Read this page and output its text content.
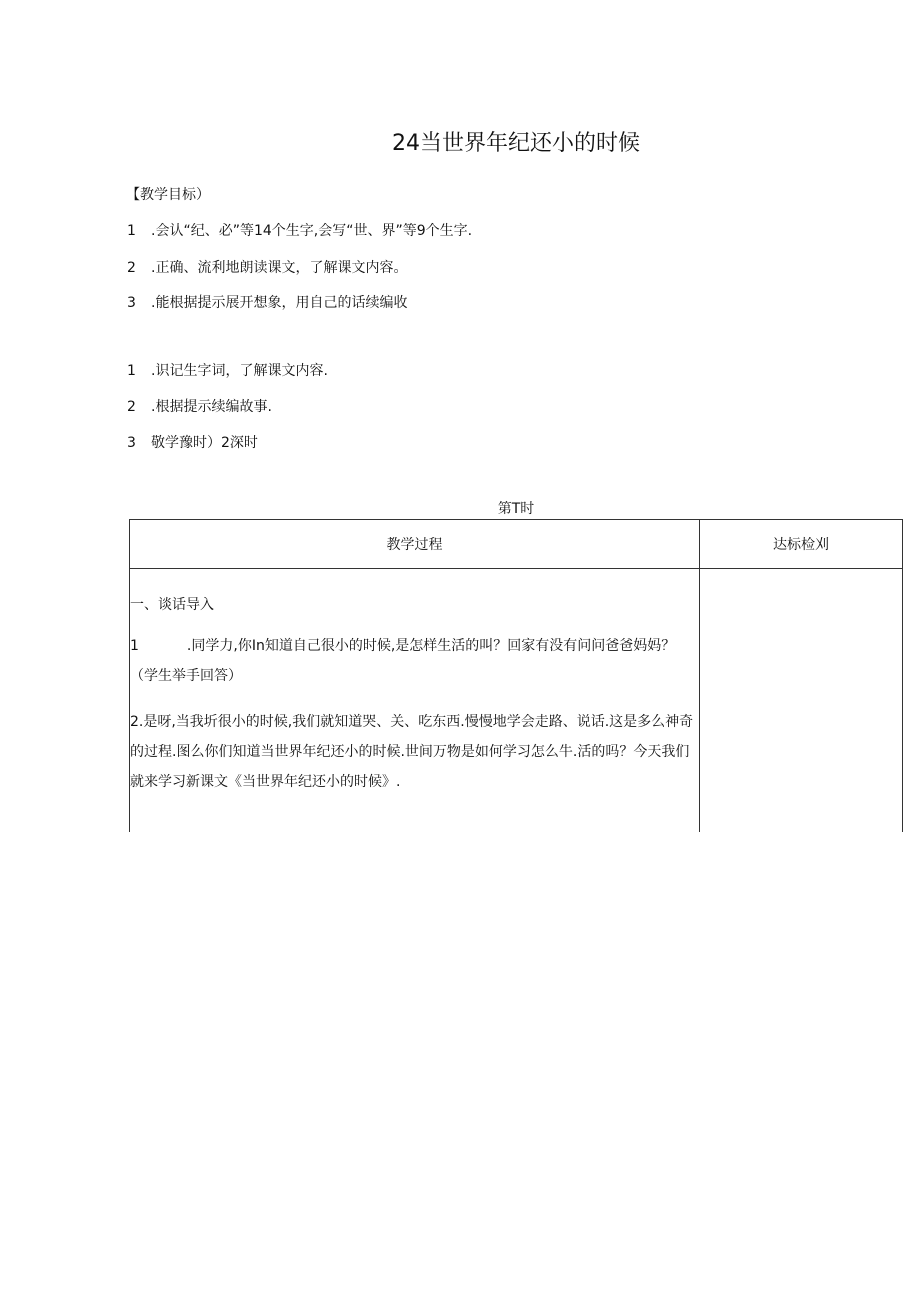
24当世界年纪还小的时候
【教学目标）
1 .会认“纪、必”等14个生字,会写“世、界”等9个生字.
2 .正确、流利地朗读课文，了解课文内容。
3 .能根据提示展开想象，用自己的话续编收
1 .识记生字词，了解课文内容.
2 .根据提示续编故事.
3 敬学豫时）2深时
第T时
教学过程	达标检刈

一、谈话导入
1 .同学力,你In知道自己很小的时候,是怎样生活的叫？回家有没有问问爸爸妈妈？（学生举手回答）
2.是呀,当我圻很小的时候,我们就知道哭、关、吃东西.慢慢地学会走路、说话.这是多么神奇的过程.图么你们知道当世界年纪还小的时候.世间万物是如何学习怎么牛.活的吗？今天我们就来学习新课文《当世界年纪还小的时候》.	
